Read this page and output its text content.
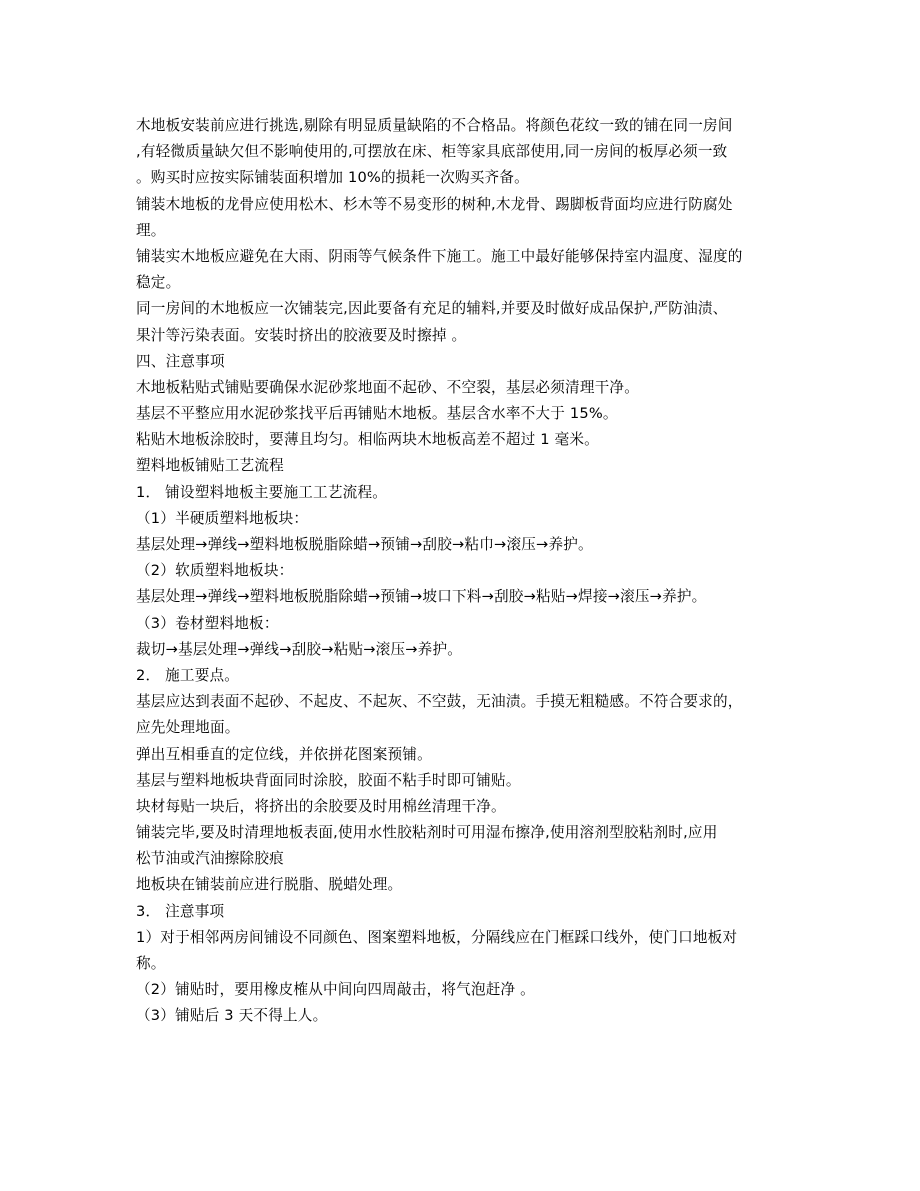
木地板安装前应进行挑选,剔除有明显质量缺陷的不合格品。将颜色花纹一致的铺在同一房间
,有轻微质量缺欠但不影响使用的,可摆放在床、柜等家具底部使用,同一房间的板厚必须一致
。购买时应按实际铺装面积增加 10%的损耗一次购买齐备。
铺装木地板的龙骨应使用松木、杉木等不易变形的树种,木龙骨、踢脚板背面均应进行防腐处
理。
铺装实木地板应避免在大雨、阴雨等气候条件下施工。施工中最好能够保持室内温度、湿度的
稳定。
同一房间的木地板应一次铺装完,因此要备有充足的辅料,并要及时做好成品保护,严防油渍、
果汁等污染表面。安装时挤出的胶液要及时擦掉 。
四、注意事项
木地板粘贴式铺贴要确保水泥砂浆地面不起砂、不空裂，基层必须清理干净。
基层不平整应用水泥砂浆找平后再铺贴木地板。基层含水率不大于 15%。
粘贴木地板涂胶时，要薄且均匀。相临两块木地板高差不超过 1 毫米。
塑料地板铺贴工艺流程
1． 铺设塑料地板主要施工工艺流程。
（1）半硬质塑料地板块：
基层处理→弹线→塑料地板脱脂除蜡→预铺→刮胶→粘巾→滚压→养护。
（2）软质塑料地板块：
基层处理→弹线→塑料地板脱脂除蜡→预铺→坡口下料→刮胶→粘贴→焊接→滚压→养护。
（3）卷材塑料地板：
裁切→基层处理→弹线→刮胶→粘贴→滚压→养护。
2． 施工要点。
基层应达到表面不起砂、不起皮、不起灰、不空鼓，无油渍。手摸无粗糙感。不符合要求的，
应先处理地面。
弹出互相垂直的定位线，并依拼花图案预铺。
基层与塑料地板块背面同时涂胶，胶面不粘手时即可铺贴。
块材每贴一块后，将挤出的余胶要及时用棉丝清理干净。
铺装完毕,要及时清理地板表面,使用水性胶粘剂时可用湿布擦净,使用溶剂型胶粘剂时,应用
松节油或汽油擦除胶痕
地板块在铺装前应进行脱脂、脱蜡处理。
3． 注意事项
1）对于相邻两房间铺设不同颜色、图案塑料地板，分隔线应在门框踩口线外，使门口地板对
称。
（2）铺贴时，要用橡皮榷从中间向四周敲击，将气泡赶净 。
（3）铺贴后 3 天不得上人。
